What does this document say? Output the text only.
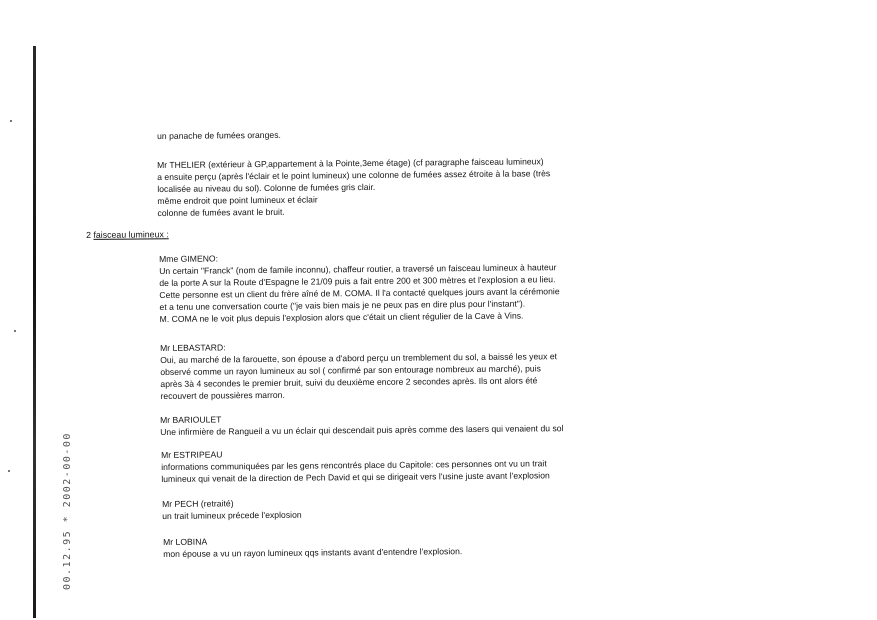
un panache de fumées oranges.
Mr THELIER (extérieur à GP,appartement à la Pointe,3eme étage) (cf paragraphe faisceau lumineux)
a ensuite perçu (après l'éclair et le point lumineux) une colonne de fumées assez étroite à la base (très
localisée au niveau du sol). Colonne de fumées gris clair.
même endroit que point lumineux et éclair
colonne de fumées avant le bruit.
2 faisceau lumineux :
Mme GIMENO:
Un certain "Franck" (nom de famile inconnu), chaffeur routier, a traversé un faisceau lumineux à hauteur
de la porte A sur la Route d'Espagne le 21/09 puis a fait entre 200 et 300 mètres et l'explosion a eu lieu.
Cette personne est un client du frère aîné de M. COMA. Il l'a contacté quelques jours avant la cérémonie
et a tenu une conversation courte ("je vais bien mais je ne peux pas en dire plus pour l'instant").
M. COMA ne le voit plus depuis l'explosion alors que c'était un client régulier de la Cave à Vins.
Mr LEBASTARD:
Oui, au marché de la farouette, son épouse a d'abord perçu un tremblement du sol, a baissé les yeux et
observé comme un rayon lumineux au sol ( confirmé par son entourage nombreux au marché), puis
après 3à 4 secondes le premier bruit, suivi du deuxième encore 2 secondes après. Ils ont alors été
recouvert de poussières marron.
Mr BARIOULET
Une infirmière de Rangueil a vu un éclair qui descendait puis après comme des lasers qui venaient du sol
Mr ESTRIPEAU
informations communiquées par les gens rencontrés place du Capitole: ces personnes ont vu un trait
lumineux qui venait de la direction de Pech David et qui se dirigeait vers l'usine juste avant l'explosion
Mr PECH (retraité)
un trait lumineux précede l'explosion
Mr LOBINA
mon épouse a vu un rayon lumineux qqs instants avant d'entendre l'explosion.
00.12.95 * 2002-00-00
